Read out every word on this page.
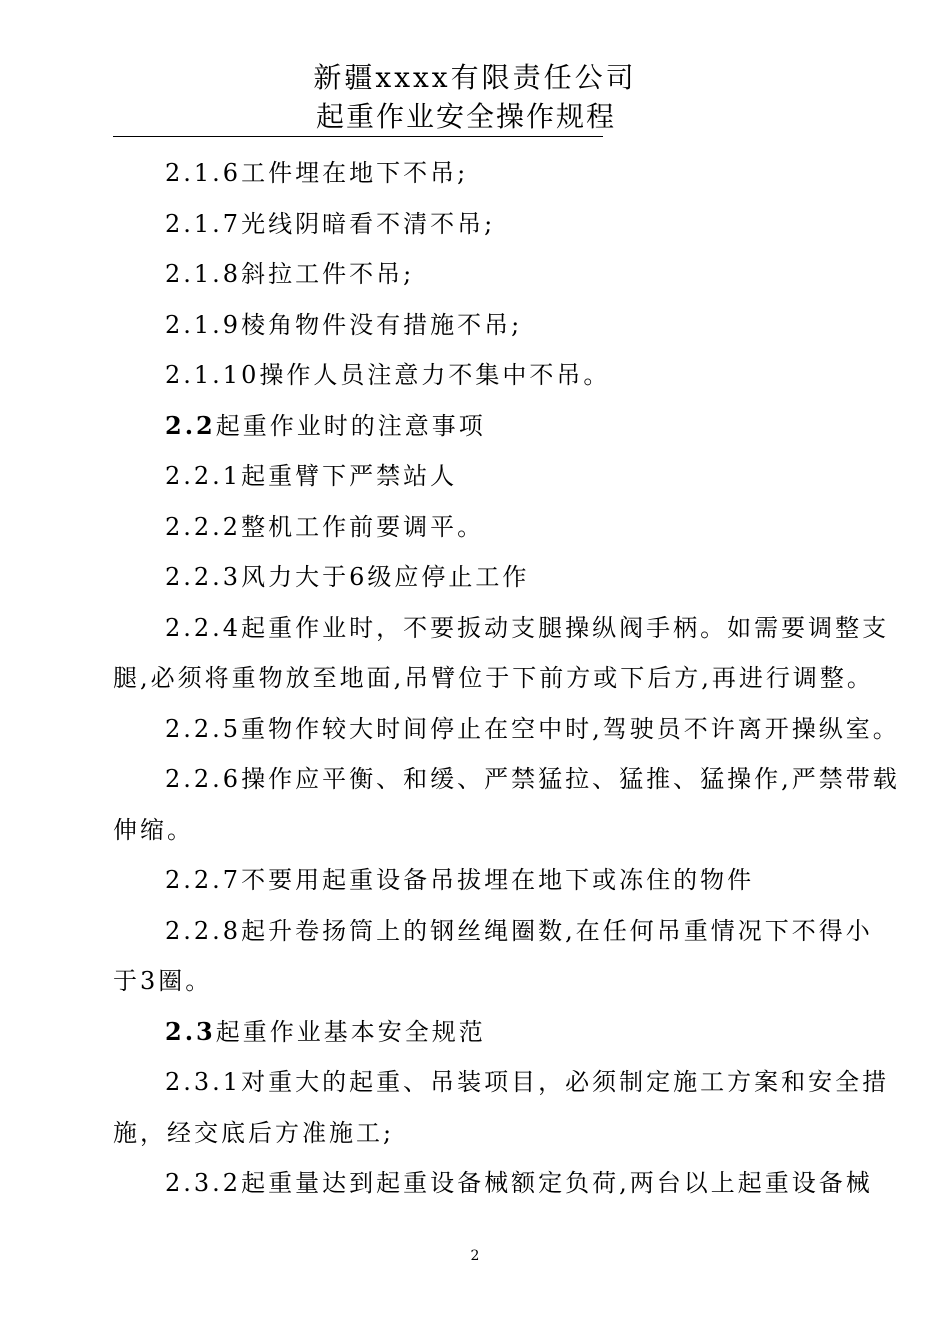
新疆xxxx有限责任公司
起重作业安全操作规程

2.1.6工件埋在地下不吊;

2.1.7光线阴暗看不清不吊;

2.1.8斜拉工件不吊;

2.1.9棱角物件没有措施不吊;

2.1.10操作人员注意力不集中不吊。

2.2起重作业时的注意事项

2.2.1起重臂下严禁站人

2.2.2整机工作前要调平。

2.2.3风力大于6级应停止工作

2.2.4起重作业时，不要扳动支腿操纵阀手柄。如需要调整支

腿,必须将重物放至地面,吊臂位于下前方或下后方,再进行调整。

2.2.5重物作较大时间停止在空中时,驾驶员不许离开操纵室。

2.2.6操作应平衡、和缓、严禁猛拉、猛推、猛操作,严禁带载

伸缩。

2.2.7不要用起重设备吊拔埋在地下或冻住的物件

2.2.8起升卷扬筒上的钢丝绳圈数,在任何吊重情况下不得小

于3圈。

2.3起重作业基本安全规范

2.3.1对重大的起重、吊装项目，必须制定施工方案和安全措

施，经交底后方准施工;

2.3.2起重量达到起重设备械额定负荷,两台以上起重设备械

2
